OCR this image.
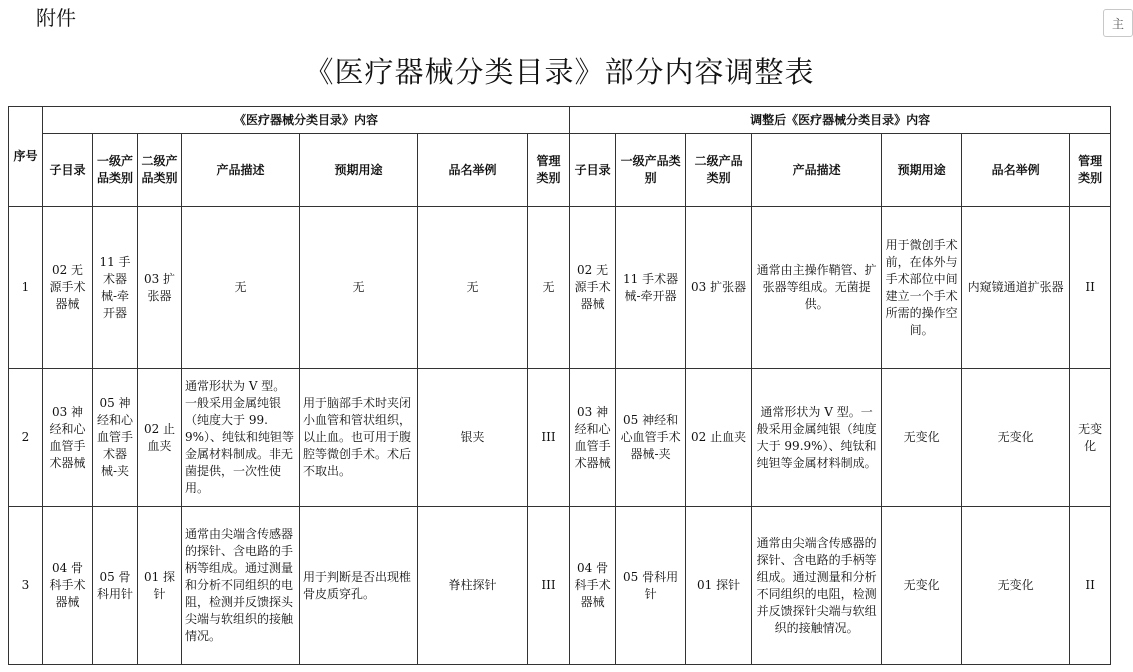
附件	主
《医疗器械分类目录》部分内容调整表
序号	《医疗器械分类目录》内容							调整后《医疗器械分类目录》内容						
	子目录	一级产品类别	二级产品类别	产品描述	预期用途	品名举例	管理类别	子目录	一级产品类别	二级产品类别	产品描述	预期用途	品名举例	管理类别
1	02 无源手术器械	11 手术器械-牵开器	03 扩张器	无	无	无	无	02 无源手术器械	11 手术器械-牵开器	03 扩张器	通常由主操作鞘管、扩张器等组成。无菌提供。	用于微创手术前，在体外与手术部位中间建立一个手术所需的操作空间。	内窥镜通道扩张器	II
2	03 神经和心血管手术器械	05 神经和心血管手术器械-夹	02 止血夹	通常形状为 V 型。一般采用金属纯银（纯度大于 99.9%）、纯钛和纯钽等金属材料制成。非无菌提供，一次性使用。	用于脑部手术时夹闭小血管和管状组织，以止血。也可用于腹腔等微创手术。术后不取出。	银夹	III	03 神经和心血管手术器械	05 神经和心血管手术器械-夹	02 止血夹	通常形状为 V 型。一般采用金属纯银（纯度大于 99.9%）、纯钛和纯钽等金属材料制成。	无变化	无变化	无变化
3	04 骨科手术器械	05 骨科用针	01 探针	通常由尖端含传感器的探针、含电路的手柄等组成。通过测量和分析不同组织的电阻，检测并反馈探头尖端与软组织的接触情况。	用于判断是否出现椎骨皮质穿孔。	脊柱探针	III	04 骨科手术器械	05 骨科用针	01 探针	通常由尖端含传感器的探针、含电路的手柄等组成。通过测量和分析不同组织的电阻，检测并反馈探针尖端与软组织的接触情况。	无变化	无变化	II
